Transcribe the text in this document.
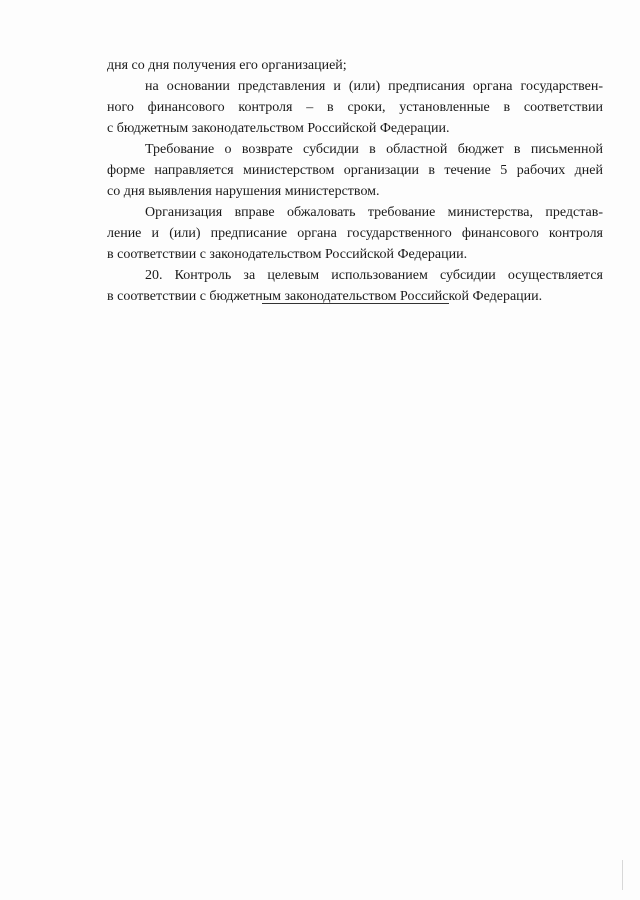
дня со дня получения его организацией;
на основании представления и (или) предписания органа государствен-
ного финансового контроля – в сроки, установленные в соответствии
с бюджетным законодательством Российской Федерации.
Требование о возврате субсидии в областной бюджет в письменной
форме направляется министерством организации в течение 5 рабочих дней
со дня выявления нарушения министерством.
Организация вправе обжаловать требование министерства, представ-
ление и (или) предписание органа государственного финансового контроля
в соответствии с законодательством Российской Федерации.
20. Контроль за целевым использованием субсидии осуществляется
в соответствии с бюджетным законодательством Российской Федерации.
